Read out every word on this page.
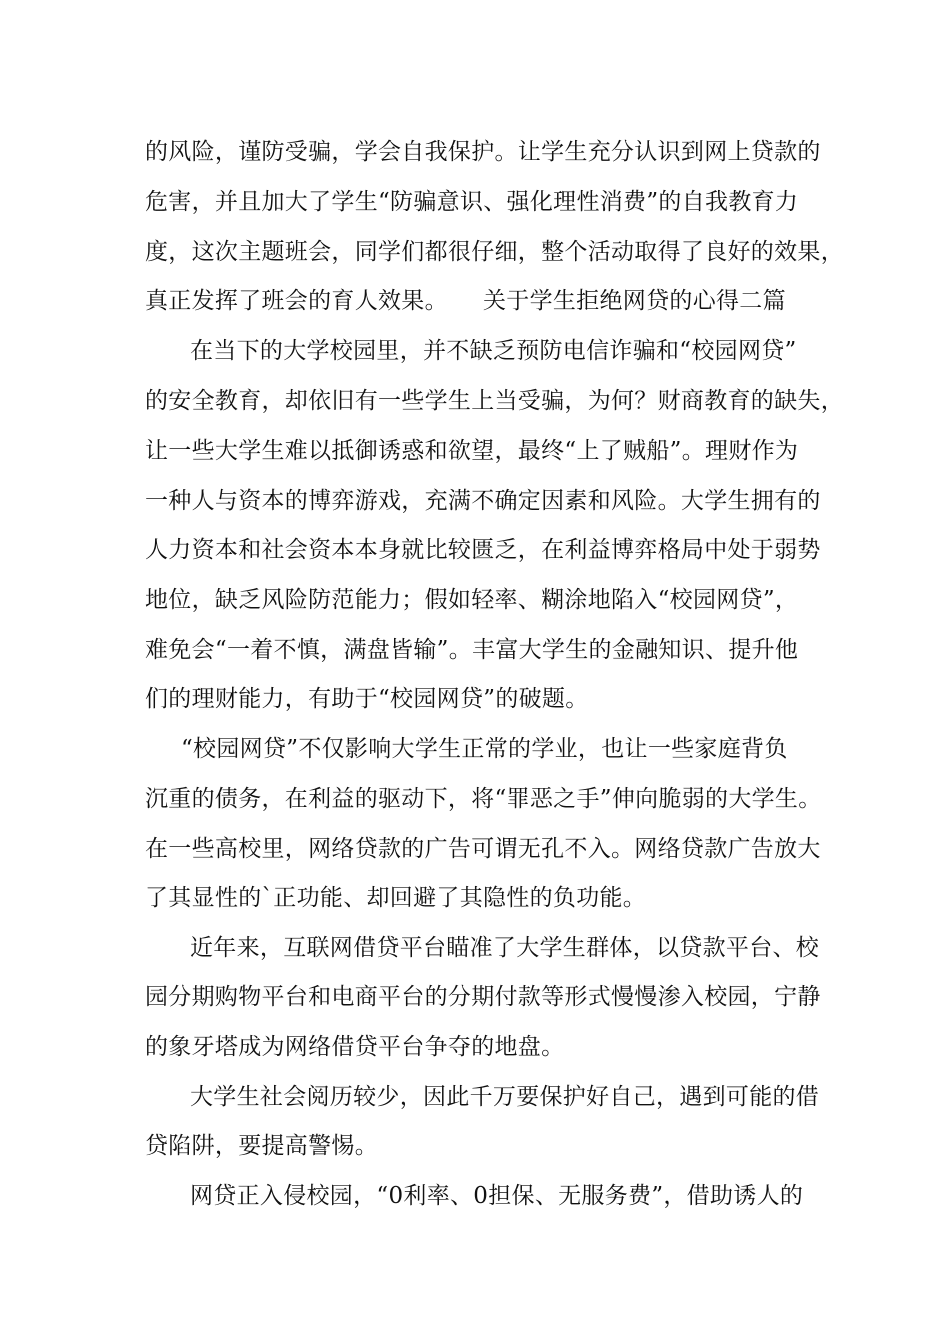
的风险，谨防受骗，学会自我保护。让学生充分认识到网上贷款的
危害，并且加大了学生“防骗意识、强化理性消费”的自我教育力
度，这次主题班会，同学们都很仔细，整个活动取得了良好的效果，
真正发挥了班会的育人效果。　　关于学生拒绝网贷的心得二篇
在当下的大学校园里，并不缺乏预防电信诈骗和“校园网贷”
的安全教育，却依旧有一些学生上当受骗，为何？财商教育的缺失，
让一些大学生难以抵御诱惑和欲望，最终“上了贼船”。理财作为
一种人与资本的博弈游戏，充满不确定因素和风险。大学生拥有的
人力资本和社会资本本身就比较匮乏，在利益博弈格局中处于弱势
地位，缺乏风险防范能力；假如轻率、糊涂地陷入“校园网贷”，
难免会“一着不慎，满盘皆输”。丰富大学生的金融知识、提升他
们的理财能力，有助于“校园网贷”的破题。
“校园网贷”不仅影响大学生正常的学业，也让一些家庭背负
沉重的债务，在利益的驱动下，将“罪恶之手”伸向脆弱的大学生。
在一些高校里，网络贷款的广告可谓无孔不入。网络贷款广告放大
了其显性的`正功能、却回避了其隐性的负功能。
近年来，互联网借贷平台瞄准了大学生群体，以贷款平台、校
园分期购物平台和电商平台的分期付款等形式慢慢渗入校园，宁静
的象牙塔成为网络借贷平台争夺的地盘。
大学生社会阅历较少，因此千万要保护好自己，遇到可能的借
贷陷阱，要提高警惕。
网贷正入侵校园，“0利率、0担保、无服务费”，借助诱人的
